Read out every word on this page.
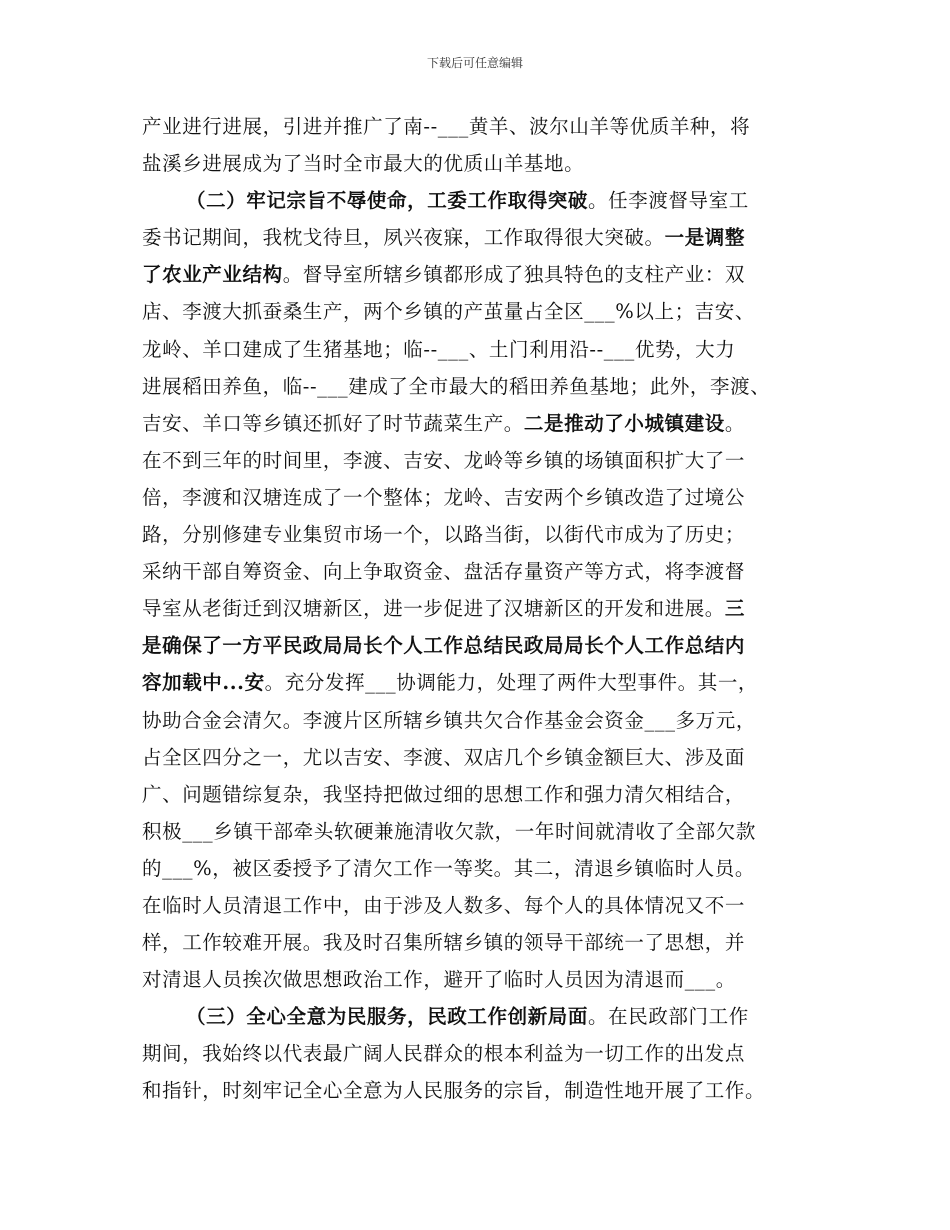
下载后可任意编辑
产业进行进展，引进并推广了南--___黄羊、波尔山羊等优质羊种，将
盐溪乡进展成为了当时全市最大的优质山羊基地。
（二）牢记宗旨不辱使命，工委工作取得突破。任李渡督导室工
委书记期间，我枕戈待旦，夙兴夜寐，工作取得很大突破。一是调整
了农业产业结构。督导室所辖乡镇都形成了独具特色的支柱产业：双
店、李渡大抓蚕桑生产，两个乡镇的产茧量占全区___%以上；吉安、
龙岭、羊口建成了生猪基地；临--___、土门利用沿--___优势，大力
进展稻田养鱼，临--___建成了全市最大的稻田养鱼基地；此外，李渡、
吉安、羊口等乡镇还抓好了时节蔬菜生产。二是推动了小城镇建设。
在不到三年的时间里，李渡、吉安、龙岭等乡镇的场镇面积扩大了一
倍，李渡和汉塘连成了一个整体；龙岭、吉安两个乡镇改造了过境公
路，分别修建专业集贸市场一个，以路当街，以街代市成为了历史；
采纳干部自筹资金、向上争取资金、盘活存量资产等方式，将李渡督
导室从老街迁到汉塘新区，进一步促进了汉塘新区的开发和进展。三
是确保了一方平民政局局长个人工作总结民政局局长个人工作总结内
容加载中...安。充分发挥___协调能力，处理了两件大型事件。其一，
协助合金会清欠。李渡片区所辖乡镇共欠合作基金会资金___多万元，
占全区四分之一，尤以吉安、李渡、双店几个乡镇金额巨大、涉及面
广、问题错综复杂，我坚持把做过细的思想工作和强力清欠相结合，
积极___乡镇干部牵头软硬兼施清收欠款，一年时间就清收了全部欠款
的___%，被区委授予了清欠工作一等奖。其二，清退乡镇临时人员。
在临时人员清退工作中，由于涉及人数多、每个人的具体情况又不一
样，工作较难开展。我及时召集所辖乡镇的领导干部统一了思想，并
对清退人员挨次做思想政治工作，避开了临时人员因为清退而___。
（三）全心全意为民服务，民政工作创新局面。在民政部门工作
期间，我始终以代表最广阔人民群众的根本利益为一切工作的出发点
和指针，时刻牢记全心全意为人民服务的宗旨，制造性地开展了工作。
